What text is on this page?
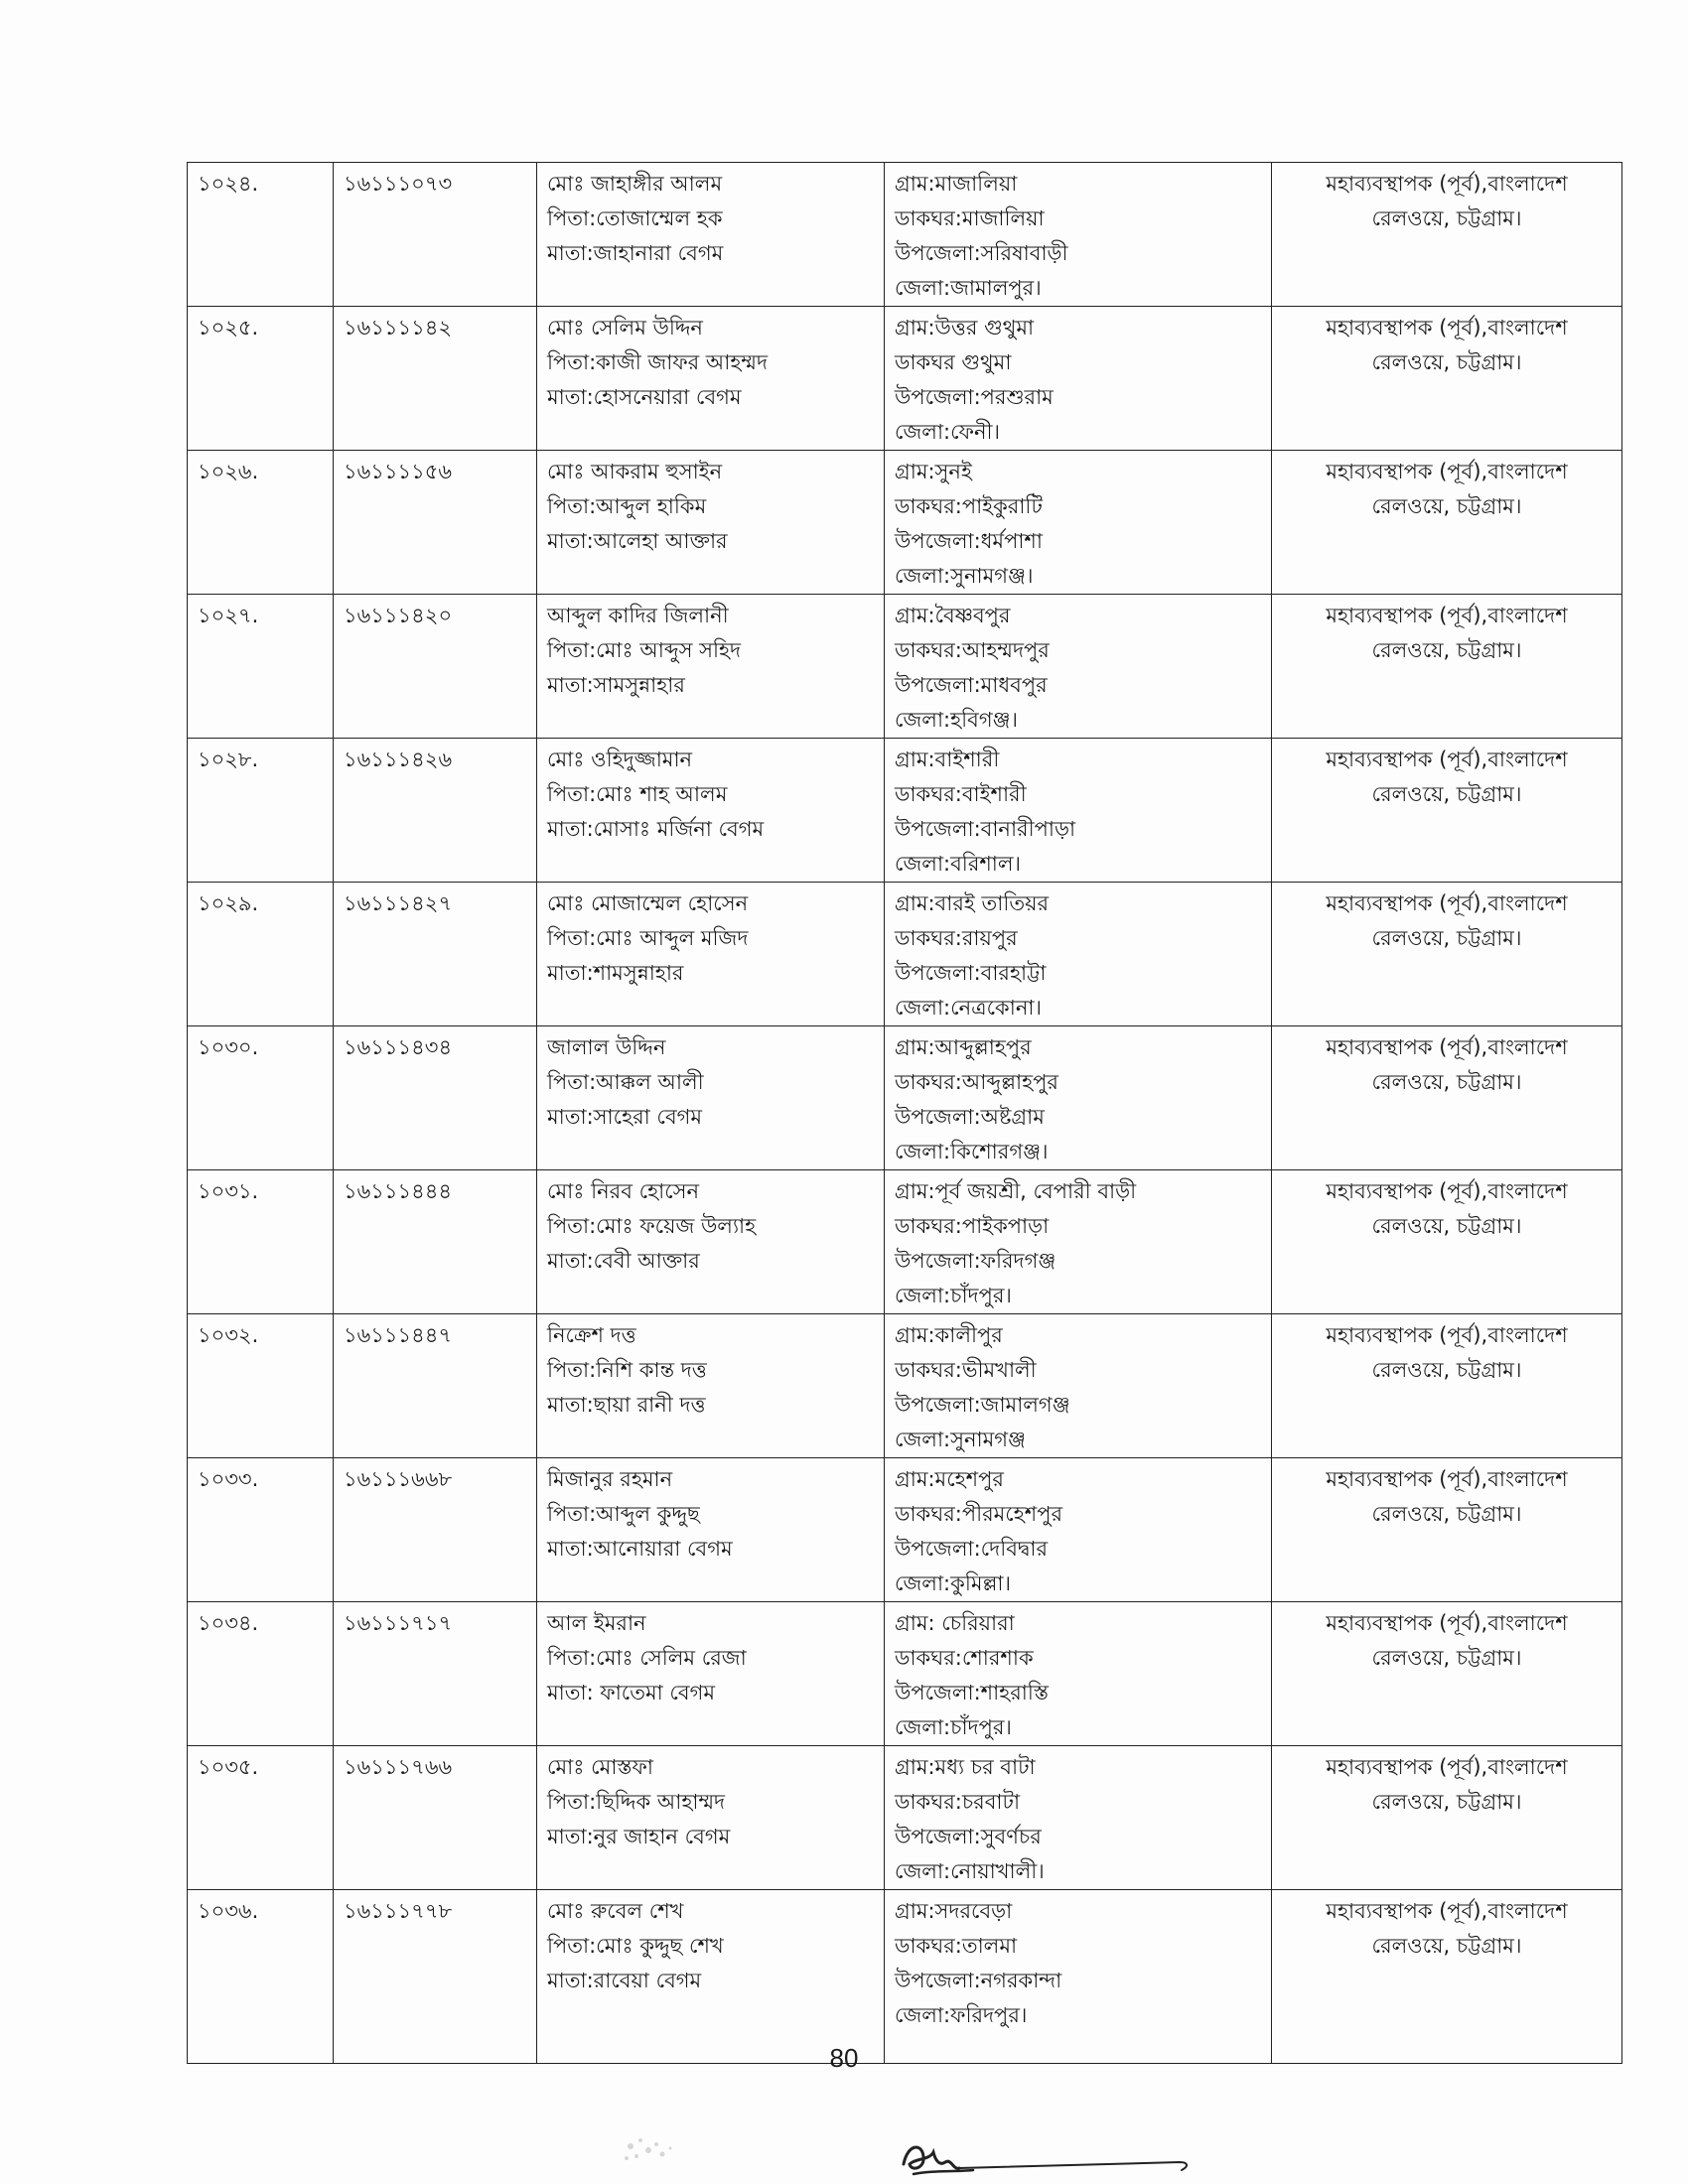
১০২৪.	১৬১১১০৭৩	মোঃ জাহাঙ্গীর আলম
পিতা:তোজাম্মেল হক
মাতা:জাহানারা বেগম	গ্রাম:মাজালিয়া
ডাকঘর:মাজালিয়া
উপজেলা:সরিষাবাড়ী
জেলা:জামালপুর।	মহাব্যবস্থাপক (পূর্ব),বাংলাদেশ
রেলওয়ে, চট্টগ্রাম।

১০২৫.	১৬১১১১৪২	মোঃ সেলিম উদ্দিন
পিতা:কাজী জাফর আহম্মদ
মাতা:হোসনেয়ারা বেগম	গ্রাম:উত্তর গুথুমা
ডাকঘর গুথুমা
উপজেলা:পরশুরাম
জেলা:ফেনী।	মহাব্যবস্থাপক (পূর্ব),বাংলাদেশ
রেলওয়ে, চট্টগ্রাম।

১০২৬.	১৬১১১১৫৬	মোঃ আকরাম হুসাইন
পিতা:আব্দুল হাকিম
মাতা:আলেহা আক্তার	গ্রাম:সুনই
ডাকঘর:পাইকুরাটি
উপজেলা:ধর্মপাশা
জেলা:সুনামগঞ্জ।	মহাব্যবস্থাপক (পূর্ব),বাংলাদেশ
রেলওয়ে, চট্টগ্রাম।

১০২৭.	১৬১১১৪২০	আব্দুল কাদির জিলানী
পিতা:মোঃ আব্দুস সহিদ
মাতা:সামসুন্নাহার	গ্রাম:বৈষ্ণবপুর
ডাকঘর:আহম্মদপুর
উপজেলা:মাধবপুর
জেলা:হবিগঞ্জ।	মহাব্যবস্থাপক (পূর্ব),বাংলাদেশ
রেলওয়ে, চট্টগ্রাম।

১০২৮.	১৬১১১৪২৬	মোঃ ওহিদুজ্জামান
পিতা:মোঃ শাহ আলম
মাতা:মোসাঃ মর্জিনা বেগম	গ্রাম:বাইশারী
ডাকঘর:বাইশারী
উপজেলা:বানারীপাড়া
জেলা:বরিশাল।	মহাব্যবস্থাপক (পূর্ব),বাংলাদেশ
রেলওয়ে, চট্টগ্রাম।

১০২৯.	১৬১১১৪২৭	মোঃ মোজাম্মেল হোসেন
পিতা:মোঃ আব্দুল মজিদ
মাতা:শামসুন্নাহার	গ্রাম:বারই তাতিয়র
ডাকঘর:রায়পুর
উপজেলা:বারহাট্টা
জেলা:নেত্রকোনা।	মহাব্যবস্থাপক (পূর্ব),বাংলাদেশ
রেলওয়ে, চট্টগ্রাম।

১০৩০.	১৬১১১৪৩৪	জালাল উদ্দিন
পিতা:আক্কল আলী
মাতা:সাহেরা বেগম	গ্রাম:আব্দুল্লাহপুর
ডাকঘর:আব্দুল্লাহপুর
উপজেলা:অষ্টগ্রাম
জেলা:কিশোরগঞ্জ।	মহাব্যবস্থাপক (পূর্ব),বাংলাদেশ
রেলওয়ে, চট্টগ্রাম।

১০৩১.	১৬১১১৪৪৪	মোঃ নিরব হোসেন
পিতা:মোঃ ফয়েজ উল্যাহ
মাতা:বেবী আক্তার	গ্রাম:পূর্ব জয়শ্রী, বেপারী বাড়ী
ডাকঘর:পাইকপাড়া
উপজেলা:ফরিদগঞ্জ
জেলা:চাঁদপুর।	মহাব্যবস্থাপক (পূর্ব),বাংলাদেশ
রেলওয়ে, চট্টগ্রাম।

১০৩২.	১৬১১১৪৪৭	নিক্রেশ দত্ত
পিতা:নিশি কান্ত দত্ত
মাতা:ছায়া রানী দত্ত	গ্রাম:কালীপুর
ডাকঘর:ভীমখালী
উপজেলা:জামালগঞ্জ
জেলা:সুনামগঞ্জ	মহাব্যবস্থাপক (পূর্ব),বাংলাদেশ
রেলওয়ে, চট্টগ্রাম।

১০৩৩.	১৬১১১৬৬৮	মিজানুর রহমান
পিতা:আব্দুল কুদ্দুছ
মাতা:আনোয়ারা বেগম	গ্রাম:মহেশপুর
ডাকঘর:পীরমহেশপুর
উপজেলা:দেবিদ্বার
জেলা:কুমিল্লা।	মহাব্যবস্থাপক (পূর্ব),বাংলাদেশ
রেলওয়ে, চট্টগ্রাম।

১০৩৪.	১৬১১১৭১৭	আল ইমরান
পিতা:মোঃ সেলিম রেজা
মাতা: ফাতেমা বেগম	গ্রাম: চেরিয়ারা
ডাকঘর:শোরশাক
উপজেলা:শাহরাস্তি
জেলা:চাঁদপুর।	মহাব্যবস্থাপক (পূর্ব),বাংলাদেশ
রেলওয়ে, চট্টগ্রাম।

১০৩৫.	১৬১১১৭৬৬	মোঃ মোস্তফা
পিতা:ছিদ্দিক আহাম্মদ
মাতা:নুর জাহান বেগম	গ্রাম:মধ্য চর বাটা
ডাকঘর:চরবাটা
উপজেলা:সুবর্ণচর
জেলা:নোয়াখালী।	মহাব্যবস্থাপক (পূর্ব),বাংলাদেশ
রেলওয়ে, চট্টগ্রাম।

১০৩৬.	১৬১১১৭৭৮	মোঃ রুবেল শেখ
পিতা:মোঃ কুদ্দুছ শেখ
মাতা:রাবেয়া বেগম	গ্রাম:সদরবেড়া
ডাকঘর:তালমা
উপজেলা:নগরকান্দা
জেলা:ফরিদপুর।	মহাব্যবস্থাপক (পূর্ব),বাংলাদেশ
রেলওয়ে, চট্টগ্রাম।
80
